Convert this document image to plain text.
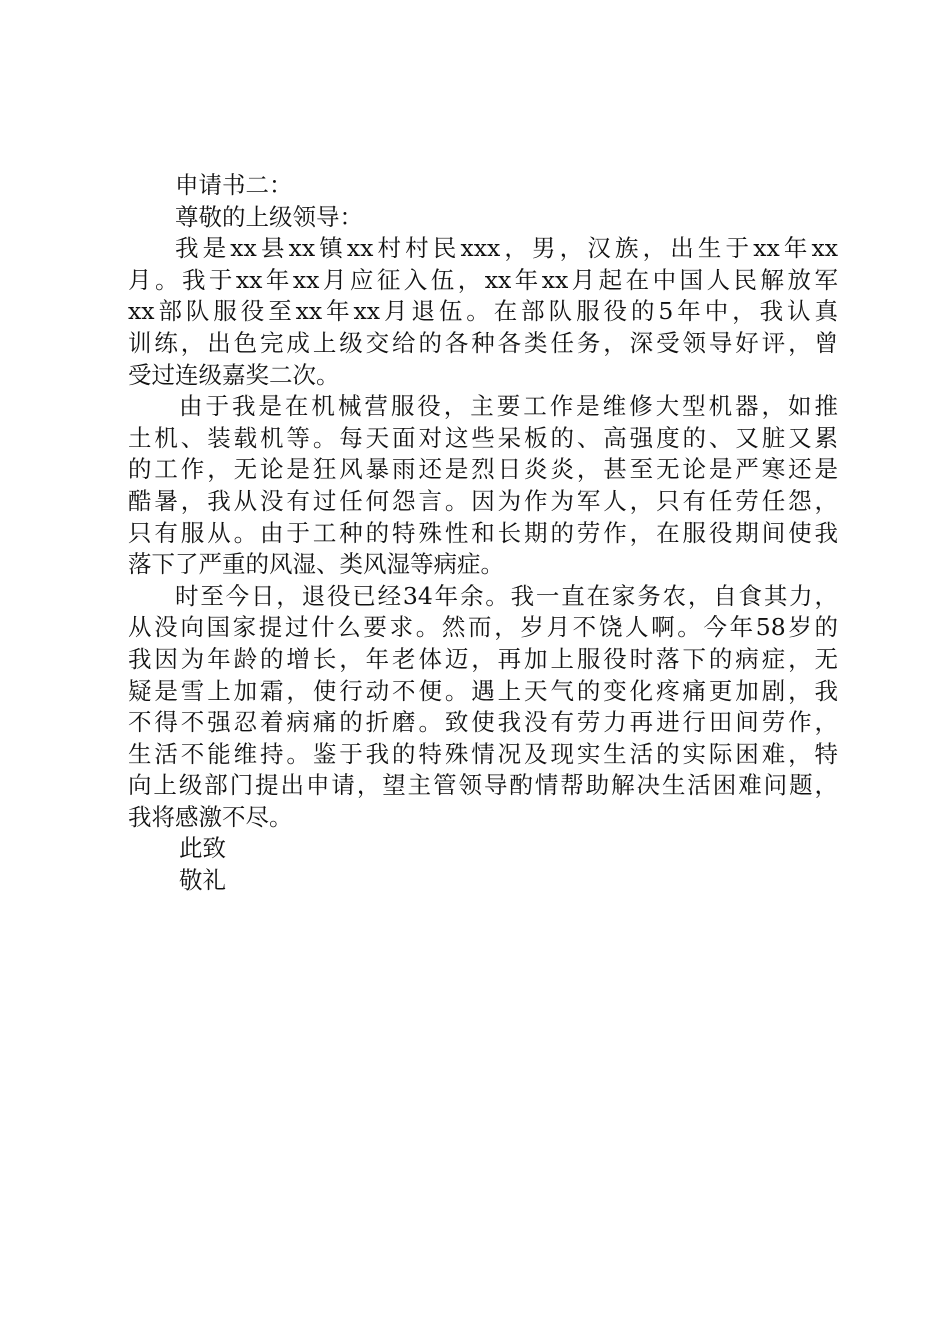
申请书二：

尊敬的上级领导：

我是xx县xx镇xx村村民xxx，男，汉族，出生于xx年xx

月。我于xx年xx月应征入伍，xx年xx月起在中国人民解放军

xx部队服役至xx年xx月退伍。在部队服役的5年中，我认真

训练，出色完成上级交给的各种各类任务，深受领导好评，曾

受过连级嘉奖二次。

由于我是在机械营服役，主要工作是维修大型机器，如推

土机、装载机等。每天面对这些呆板的、高强度的、又脏又累

的工作，无论是狂风暴雨还是烈日炎炎，甚至无论是严寒还是

酷暑，我从没有过任何怨言。因为作为军人，只有任劳任怨，

只有服从。由于工种的特殊性和长期的劳作，在服役期间使我

落下了严重的风湿、类风湿等病症。

时至今日，退役已经34年余。我一直在家务农，自食其力，

从没向国家提过什么要求。然而，岁月不饶人啊。今年58岁的

我因为年龄的增长，年老体迈，再加上服役时落下的病症，无

疑是雪上加霜，使行动不便。遇上天气的变化疼痛更加剧，我

不得不强忍着病痛的折磨。致使我没有劳力再进行田间劳作，

生活不能维持。鉴于我的特殊情况及现实生活的实际困难，特

向上级部门提出申请，望主管领导酌情帮助解决生活困难问题，

我将感激不尽。

此致

敬礼
